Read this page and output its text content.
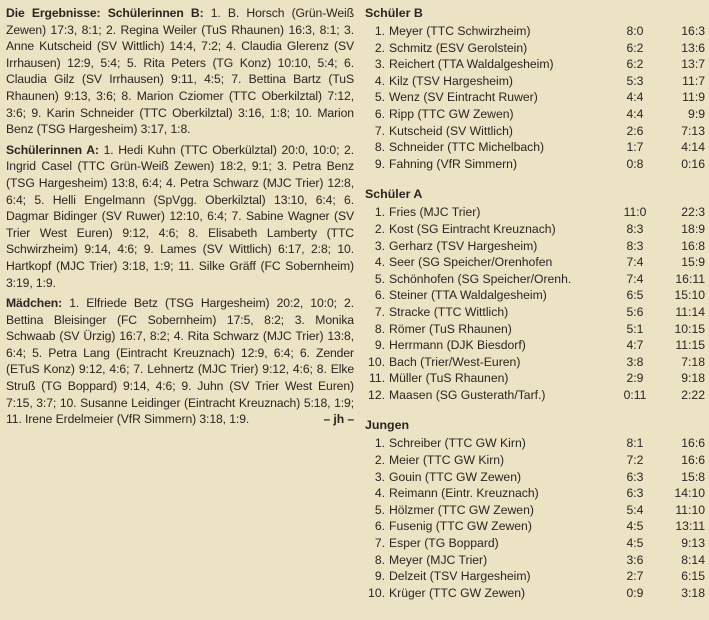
Die Ergebnisse: Schülerinnen B: 1. B. Horsch (Grün-Weiß Zewen) 17:3, 8:1; 2. Regina Weiler (TuS Rhaunen) 16:3, 8:1; 3. Anne Kutscheid (SV Wittlich) 14:4, 7:2; 4. Claudia Glerenz (SV Irrhausen) 12:9, 5:4; 5. Rita Peters (TG Konz) 10:10, 5:4; 6. Claudia Gilz (SV Irrhausen) 9:11, 4:5; 7. Bettina Bartz (TuS Rhaunen) 9:13, 3:6; 8. Marion Cziomer (TTC Oberkilztal) 7:12, 3:6; 9. Karin Schneider (TTC Oberkilztal) 3:16, 1:8; 10. Marion Benz (TSG Hargesheim) 3:17, 1:8.

Schülerinnen A: 1. Hedi Kuhn (TTC Oberkülztal) 20:0, 10:0; 2. Ingrid Casel (TTC Grün-Weiß Zewen) 18:2, 9:1; 3. Petra Benz (TSG Hargesheim) 13:8, 6:4; 4. Petra Schwarz (MJC Trier) 12:8, 6:4; 5. Helli Engelmann (SpVgg. Oberkilztal) 13:10, 6:4; 6. Dagmar Bidinger (SV Ruwer) 12:10, 6:4; 7. Sabine Wagner (SV Trier West Euren) 9:12, 4:6; 8. Elisabeth Lamberty (TTC Schwirzheim) 9:14, 4:6; 9. Lames (SV Wittlich) 6:17, 2:8; 10. Hartkopf (MJC Trier) 3:18, 1:9; 11. Silke Gräff (FC Sobernheim) 3:19, 1:9.

Mädchen: 1. Elfriede Betz (TSG Hargesheim) 20:2, 10:0; 2. Bettina Bleisinger (FC Sobernheim) 17:5, 8:2; 3. Monika Schwaab (SV Ürzig) 16:7, 8:2; 4. Rita Schwarz (MJC Trier) 13:8, 6:4; 5. Petra Lang (Eintracht Kreuznach) 12:9, 6:4; 6. Zender (ETuS Konz) 9:12, 4:6; 7. Lehnertz (MJC Trier) 9:12, 4:6; 8. Elke Struß (TG Boppard) 9:14, 4:6; 9. Juhn (SV Trier West Euren) 7:15, 3:7; 10. Susanne Leidinger (Eintracht Kreuznach) 5:18, 1:9; 11. Irene Erdelmeier (VfR Simmern) 3:18, 1:9.	– jh –

Schüler B
1.	Meyer (TTC Schwirzheim)	8:0	16:3
2.	Schmitz (ESV Gerolstein)	6:2	13:6
3.	Reichert (TTA Waldalgesheim)	6:2	13:7
4.	Kilz (TSV Hargesheim)	5:3	11:7
5.	Wenz (SV Eintracht Ruwer)	4:4	11:9
6.	Ripp (TTC GW Zewen)	4:4	9:9
7.	Kutscheid (SV Wittlich)	2:6	7:13
8.	Schneider (TTC Michelbach)	1:7	4:14
9.	Fahning (VfR Simmern)	0:8	0:16
Schüler A
1.	Fries (MJC Trier)	11:0	22:3
2.	Kost (SG Eintracht Kreuznach)	8:3	18:9
3.	Gerharz (TSV Hargesheim)	8:3	16:8
4.	Seer (SG Speicher/Orenhofen	7:4	15:9
5.	Schönhofen (SG Speicher/Orenh.	7:4	16:11
6.	Steiner (TTA Waldalgesheim)	6:5	15:10
7.	Stracke (TTC Wittlich)	5:6	11:14
8.	Römer (TuS Rhaunen)	5:1	10:15
9.	Herrmann (DJK Biesdorf)	4:7	11:15
10.	Bach (Trier/West-Euren)	3:8	7:18
11.	Müller (TuS Rhaunen)	2:9	9:18
12.	Maasen (SG Gusterath/Tarf.)	0:11	2:22
Jungen
1.	Schreiber (TTC GW Kirn)	8:1	16:6
2.	Meier (TTC GW Kirn)	7:2	16:6
3.	Gouin (TTC GW Zewen)	6:3	15:8
4.	Reimann (Eintr. Kreuznach)	6:3	14:10
5.	Hölzmer (TTC GW Zewen)	5:4	11:10
6.	Fusenig (TTC GW Zewen)	4:5	13:11
7.	Esper (TG Boppard)	4:5	9:13
8.	Meyer (MJC Trier)	3:6	8:14
9.	Delzeit (TSV Hargesheim)	2:7	6:15
10.	Krüger (TTC GW Zewen)	0:9	3:18
